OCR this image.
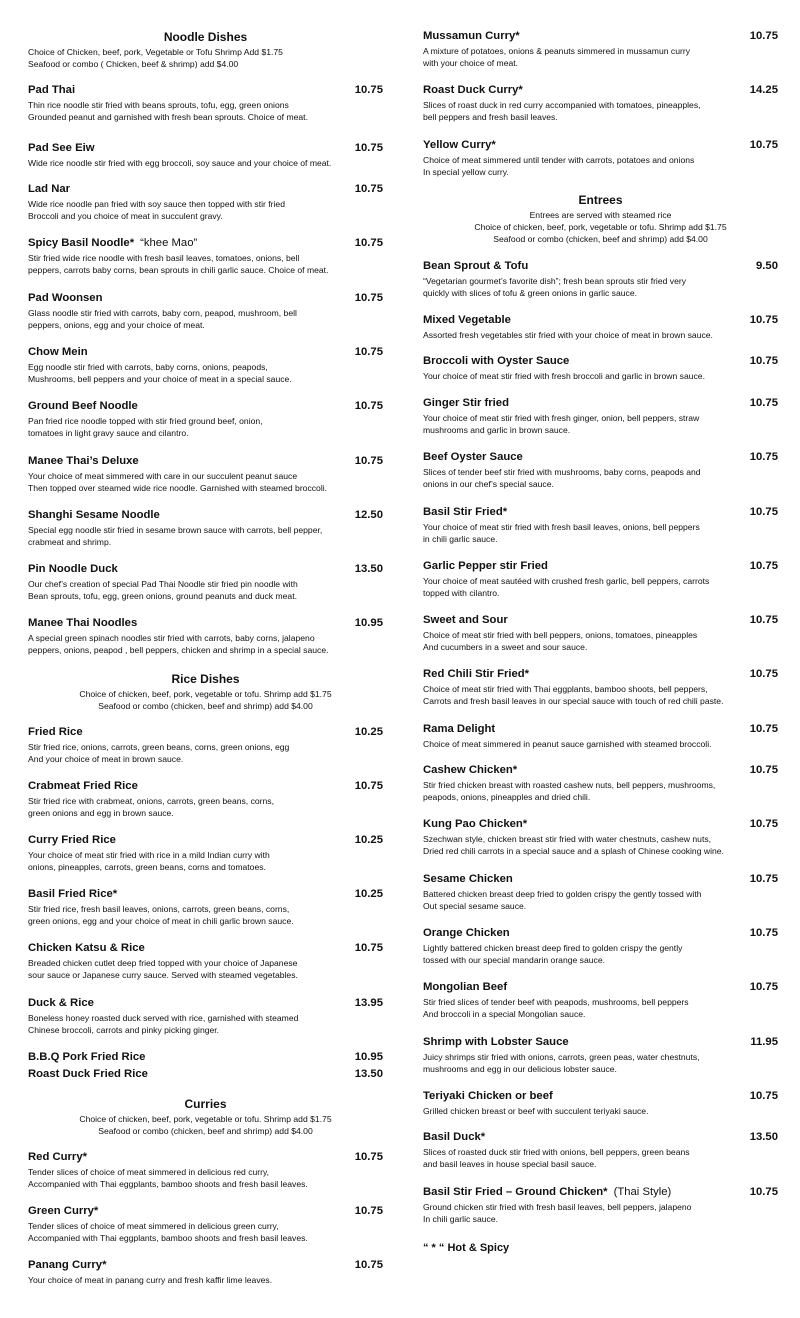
Noodle Dishes
Choice of Chicken, beef, pork, Vegetable or Tofu Shrimp Add $1.75
Seafood or combo ( Chicken, beef & shrimp) add $4.00
Pad Thai	10.75
Thin rice noodle stir fried with beans sprouts, tofu, egg, green onions
Grounded peanut and garnished with fresh bean sprouts. Choice of meat.
Pad See Eiw	10.75
Wide rice noodle stir fried with egg broccoli, soy sauce and your choice of meat.
Lad Nar	10.75
Wide rice noodle pan fried with soy sauce then topped with stir fried
Broccoli and you choice of meat in succulent gravy.
Spicy Basil Noodle* “khee Mao”	10.75
Stir fried wide rice noodle with fresh basil leaves, tomatoes, onions, bell
peppers, carrots baby corns, bean sprouts in chili garlic sauce. Choice of meat.
Pad Woonsen	10.75
Glass noodle stir fried with carrots, baby corn, peapod, mushroom, bell
peppers, onions, egg and your choice of meat.
Chow Mein	10.75
Egg noodle stir fried with carrots, baby corns, onions, peapods,
Mushrooms, bell peppers and your choice of meat in a special sauce.
Ground Beef Noodle	10.75
Pan fried rice noodle topped with stir fried ground beef, onion,
tomatoes in light gravy sauce and cilantro.
Manee Thai’s Deluxe	10.75
Your choice of meat simmered with care in our succulent peanut sauce
Then topped over steamed wide rice noodle. Garnished with steamed broccoli.
Shanghi Sesame Noodle	12.50
Special egg noodle stir fried in sesame brown sauce with carrots, bell pepper,
crabmeat and shrimp.
Pin Noodle Duck	13.50
Our chef’s creation of special Pad Thai Noodle stir fried pin noodle with
Bean sprouts, tofu, egg, green onions, ground peanuts and duck meat.
Manee Thai Noodles	10.95
A special green spinach noodles stir fried with carrots, baby corns, jalapeno
peppers, onions, peapod , bell peppers, chicken and shrimp in a special sauce.
Rice Dishes
Choice of chicken, beef, pork, vegetable or tofu. Shrimp add $1.75
Seafood or combo (chicken, beef and shrimp) add $4.00
Fried Rice	10.25
Stir fried rice, onions, carrots, green beans, corns, green onions, egg
And your choice of meat in brown sauce.
Crabmeat Fried Rice	10.75
Stir fried rice with crabmeat, onions, carrots, green beans, corns,
green onions and egg in brown sauce.
Curry Fried Rice	10.25
Your choice of meat stir fried with rice in a mild Indian curry with
onions, pineapples, carrots, green beans, corns and tomatoes.
Basil Fried Rice*	10.25
Stir fried rice, fresh basil leaves, onions, carrots, green beans, corns,
green onions, egg and your choice of meat in chili garlic brown sauce.
Chicken Katsu & Rice	10.75
Breaded chicken cutlet deep fried topped with your choice of Japanese
sour sauce or Japanese curry sauce. Served with steamed vegetables.
Duck & Rice	13.95
Boneless honey roasted duck served with rice, garnished with steamed
Chinese broccoli, carrots and pinky picking ginger.
B.B.Q Pork Fried Rice	10.95
Roast Duck Fried Rice	13.50
Curries
Choice of chicken, beef, pork, vegetable or tofu. Shrimp add $1.75
Seafood or combo (chicken, beef and shrimp) add $4.00
Red Curry*	10.75
Tender slices of choice of meat simmered in delicious red curry,
Accompanied with Thai eggplants, bamboo shoots and fresh basil leaves.
Green Curry*	10.75
Tender slices of choice of meat simmered in delicious green curry,
Accompanied with Thai eggplants, bamboo shoots and fresh basil leaves.
Panang Curry*	10.75
Your choice of meat in panang curry and fresh kaffir lime leaves.
Mussamun Curry*	10.75
A mixture of potatoes, onions & peanuts simmered in mussamun curry
with your choice of meat.
Roast Duck Curry*	14.25
Slices of roast duck in red curry accompanied with tomatoes, pineapples,
bell peppers and fresh basil leaves.
Yellow Curry*	10.75
Choice of meat simmered until tender with carrots, potatoes and onions
In special yellow curry.
Entrees
Entrees are served with steamed rice
Choice of chicken, beef, pork, vegetable or tofu. Shrimp add $1.75
Seafood or combo (chicken, beef and shrimp) add $4.00
Bean Sprout & Tofu	9.50
“Vegetarian gourmet’s favorite dish”; fresh bean sprouts stir fried very
quickly with slices of tofu & green onions in garlic sauce.
Mixed Vegetable	10.75
Assorted fresh vegetables stir fried with your choice of meat in brown sauce.
Broccoli with Oyster Sauce	10.75
Your choice of meat stir fried with fresh broccoli and garlic in brown sauce.
Ginger Stir fried	10.75
Your choice of meat stir fried with fresh ginger, onion, bell peppers, straw
mushrooms and garlic in brown sauce.
Beef Oyster Sauce	10.75
Slices of tender beef stir fried with mushrooms, baby corns, peapods and
onions in our chef’s special sauce.
Basil Stir Fried*	10.75
Your choice of meat stir fried with fresh basil leaves, onions, bell peppers
in chili garlic sauce.
Garlic Pepper stir Fried	10.75
Your choice of meat sautéed with crushed fresh garlic, bell peppers, carrots
topped with cilantro.
Sweet and Sour	10.75
Choice of meat stir fried with bell peppers, onions, tomatoes, pineapples
And cucumbers in a sweet and sour sauce.
Red Chili Stir Fried*	10.75
Choice of meat stir fried with Thai eggplants, bamboo shoots, bell peppers,
Carrots and fresh basil leaves in our special sauce with touch of red chili paste.
Rama Delight	10.75
Choice of meat simmered in peanut sauce garnished with steamed broccoli.
Cashew Chicken*	10.75
Stir fried chicken breast with roasted cashew nuts, bell peppers, mushrooms,
peapods, onions, pineapples and dried chili.
Kung Pao Chicken*	10.75
Szechwan style, chicken breast stir fried with water chestnuts, cashew nuts,
Dried red chili carrots in a special sauce and a splash of Chinese cooking wine.
Sesame Chicken	10.75
Battered chicken breast deep fried to golden crispy the gently tossed with
Out special sesame sauce.
Orange Chicken	10.75
Lightly battered chicken breast deep fired to golden crispy the gently
tossed with our special mandarin orange sauce.
Mongolian Beef	10.75
Stir fried slices of tender beef with peapods, mushrooms, bell peppers
And broccoli in a special Mongolian sauce.
Shrimp with Lobster Sauce	11.95
Juicy shrimps stir fried with onions, carrots, green peas, water chestnuts,
mushrooms and egg in our delicious lobster sauce.
Teriyaki Chicken or beef	10.75
Grilled chicken breast or beef with succulent teriyaki sauce.
Basil Duck*	13.50
Slices of roasted duck stir fried with onions, bell peppers, green beans
and basil leaves in house special basil sauce.
Basil Stir Fried – Ground Chicken* (Thai Style)	10.75
Ground chicken stir fried with fresh basil leaves, bell peppers, jalapeno
In chili garlic sauce.
“ * “ Hot & Spicy
